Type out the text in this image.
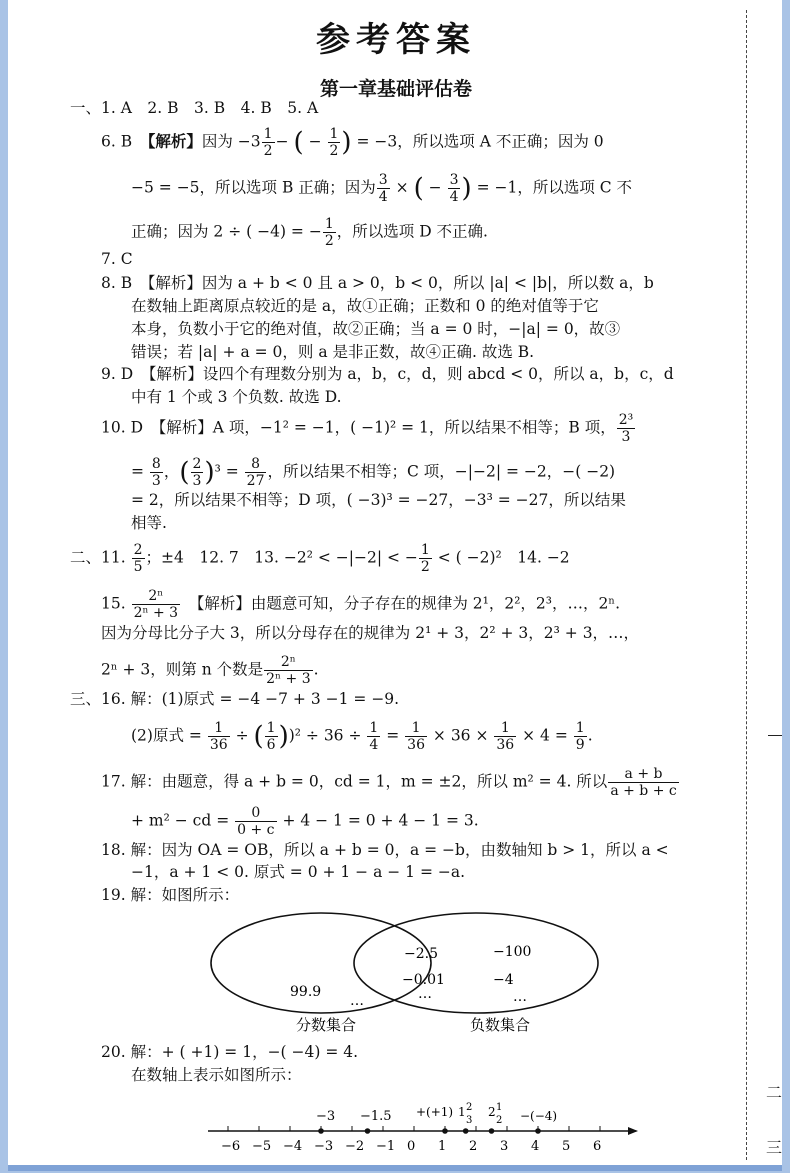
二
三
参考答案
第一章基础评估卷
一、1. A　2. B　3. B　4. B　5. A
6. B　【解析】因为 $-3 \frac{1}{2}$ − ( − $\frac{1}{2}$ ) = −3，所以选项 A 不正确；因为 0
−5 = −5，所以选项 B 正确；因为 $\frac{3}{4}$ × ( − $\frac{3}{4}$ ) = −1，所以选项 C 不
正确；因为 2 ÷ ( −4) = − $\frac{1}{2}$ ，所以选项 D 不正确.
7. C
8. B　【解析】因为 a + b < 0 且 a > 0，b < 0，所以 |a| < |b|，所以数 a，b
在数轴上距离原点较近的是 a，故①正确；正数和 0 的绝对值等于它
本身，负数小于它的绝对值，故②正确；当 a = 0 时，−|a| = 0，故③
错误；若 |a| + a = 0，则 a 是非正数，故④正确. 故选 B.
9. D　【解析】设四个有理数分别为 a，b，c，d，则 abcd < 0，所以 a，b，c，d
中有 1 个或 3 个负数. 故选 D.
10. D　【解析】A 项，−1² = −1，( −1)² = 1，所以结果不相等；B 项， $\frac{\text{2³}}{3}$
= $\frac{8}{3}$ ，( $\frac{2}{3} )^3 = \frac{8}{27}$ ，所以结果不相等；C 项，−|−2| = −2，−( −2)
= 2，所以结果不相等；D 项，( −3)³ = −27，−3³ = −27，所以结果
相等.
二、11. $\frac{2}{5}$ ；±4　12. 7　13. −2² < −|−2| < − $\frac{1}{2}$ < ( −2)²　14. −2
15. $\frac{\text{2ⁿ}}{\text{2ⁿ + 3}}$ 　【解析】由题意可知，分子存在的规律为 2¹，2²，2³，…，2ⁿ.
因为分母比分子大 3，所以分母存在的规律为 2¹ + 3，2² + 3，2³ + 3，…，
2ⁿ + 3，则第 n 个数是 $\frac{\text{2ⁿ}}{\text{2ⁿ + 3}}$ .
三、16. 解：(1)原式 = −4 −7 + 3 −1 = −9.
(2)原式 = $\frac{1}{36}$ ÷ ( $\frac{1}{6} ))^2 \div 36 \div \frac{1}{4} = \frac{1}{36} \times 36 \times \frac{1}{36} \times 4 = \frac{1}{9}$ .
17. 解：由题意，得 a + b = 0，cd = 1，m = ±2，所以 m² = 4. 所以 $\frac{a + b}{a + b + c}$
+ m² − cd = $\frac{0}{0 + c} + 4 - 1 = 0 + 4 - 1 = 3$.
18. 解：因为 OA = OB，所以 a + b = 0，a = −b，由数轴知 b > 1，所以 a <
−1，a + 1 < 0. 原式 = 0 + 1 − a − 1 = −a.
19. 解：如图所示：
−2.5
−0.01
…
99.9
…
−100
−4
…
分数集合	负数集合
20. 解：+ ( +1) = 1，−( −4) = 4.
在数轴上表示如图所示：
−6 −5 −4 −3 −2 −1 0 1 2 3 4 5 6
−3 −1.5 +(+1) 1 2
3
2 1
2 −(−4)
